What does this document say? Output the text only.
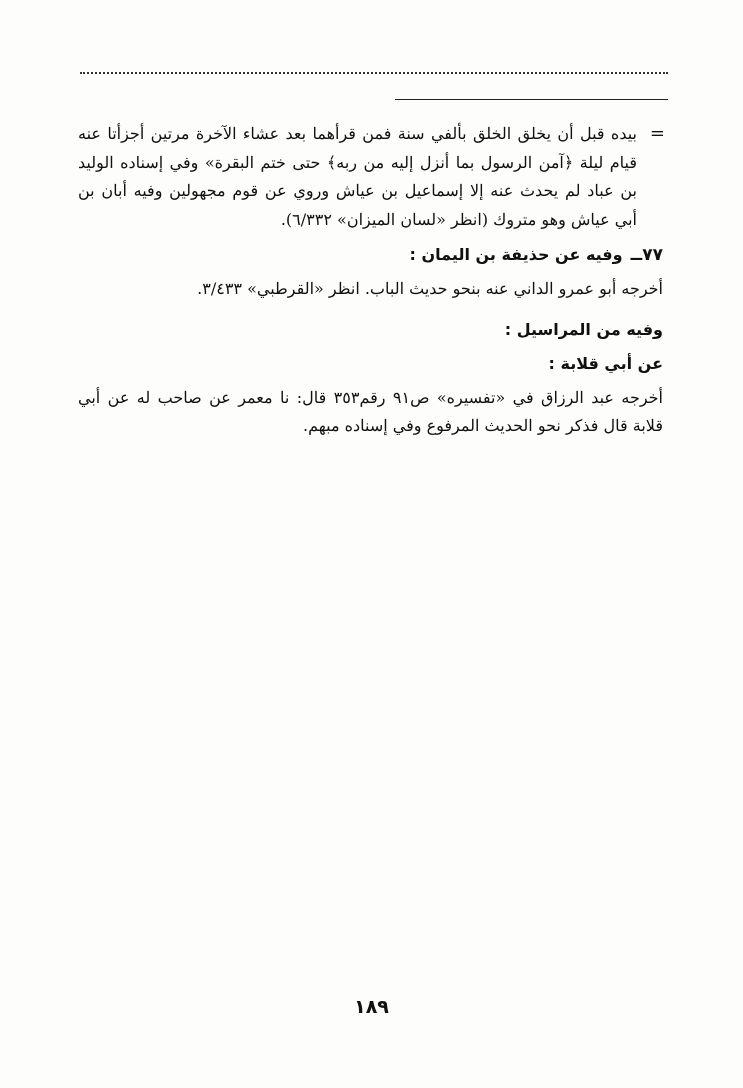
=

بيده قبل أن يخلق الخلق بألفي سنة فمن قرأهما بعد عشاء الآخرة مرتين أجزأتا عنه قيام ليلة ﴿آمن الرسول بما أنزل إليه من ربه﴾ حتى ختم البقرة» وفي إسناده الوليد بن عباد لم يحدث عنه إلا إسماعيل بن عياش وروي عن قوم مجهولين وفيه أبان بن أبي عياش وهو متروك (انظر «لسان الميزان» ٦/٣٣٢).

٧٧ــ
وفيه عن حذيفة بن اليمان :

أخرجه أبو عمرو الداني عنه بنحو حديث الباب. انظر «القرطبي» ٣/٤٣٣.

وفيه من المراسيل :

عن أبي قلابة :

أخرجه عبد الرزاق في «تفسيره» ص٩١ رقم٣٥٣ قال: نا معمر عن صاحب له عن أبي قلابة قال فذكر نحو الحديث المرفوع وفي إسناده مبهم.

١٨٩
